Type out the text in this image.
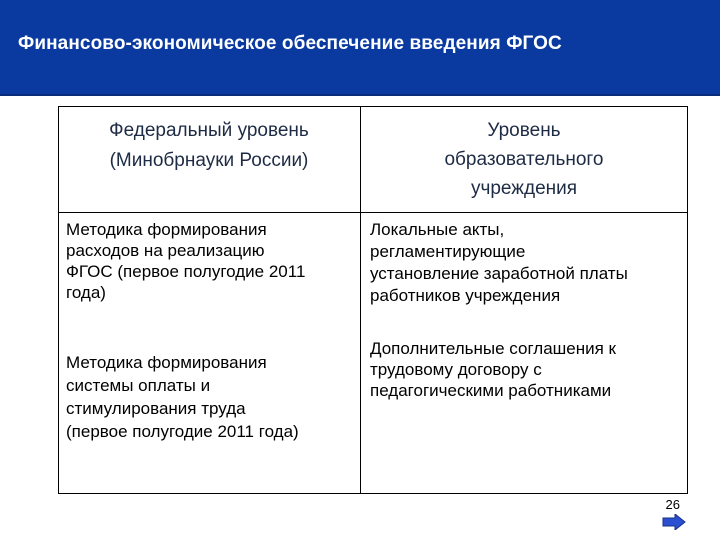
Финансово-экономическое обеспечение введения ФГОС
Федеральный уровень
(Минобрнауки России)
Уровень
образовательного
учреждения
Методика формирования
расходов на реализацию
ФГОС (первое полугодие 2011
года)
Локальные акты,
регламентирующие
установление заработной платы
работников учреждения
Методика формирования
системы оплаты и
стимулирования труда
(первое полугодие 2011 года)
Дополнительные соглашения к
трудовому договору с
педагогическими работниками
26
